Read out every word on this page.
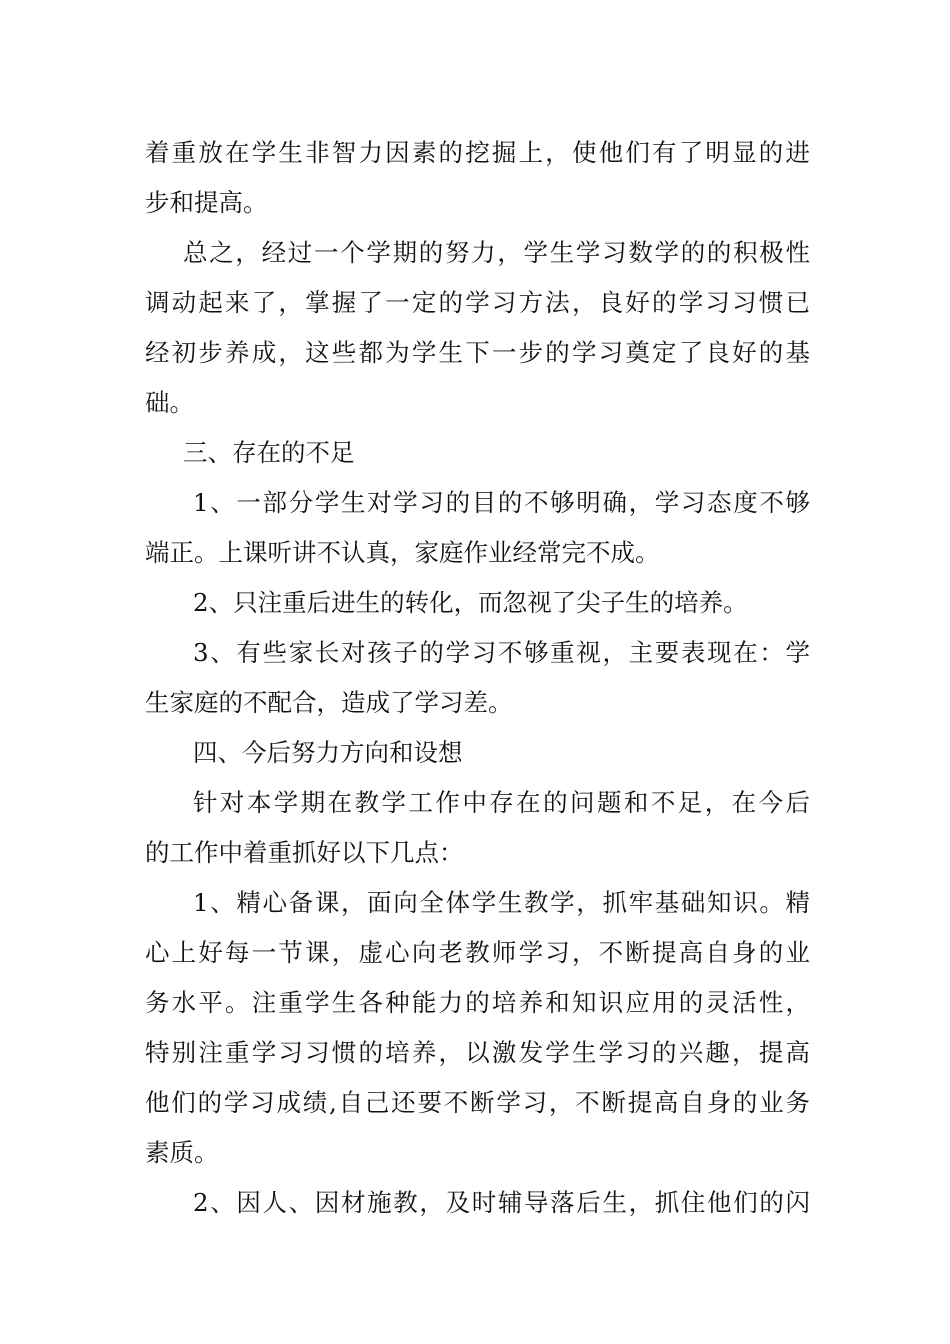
着重放在学生非智力因素的挖掘上，使他们有了明显的进
步和提高。
总之，经过一个学期的努力，学生学习数学的的积极性
调动起来了，掌握了一定的学习方法，良好的学习习惯已
经初步养成，这些都为学生下一步的学习奠定了良好的基
础。
三、存在的不足
1、一部分学生对学习的目的不够明确，学习态度不够
端正。上课听讲不认真，家庭作业经常完不成。
2、只注重后进生的转化，而忽视了尖子生的培养。
3、有些家长对孩子的学习不够重视，主要表现在：学
生家庭的不配合，造成了学习差。
四、今后努力方向和设想
针对本学期在教学工作中存在的问题和不足，在今后
的工作中着重抓好以下几点：
1、精心备课，面向全体学生教学，抓牢基础知识。精
心上好每一节课，虚心向老教师学习，不断提高自身的业
务水平。注重学生各种能力的培养和知识应用的灵活性，
特别注重学习习惯的培养，以激发学生学习的兴趣，提高
他们的学习成绩,自己还要不断学习，不断提高自身的业务
素质。
2、因人、因材施教，及时辅导落后生，抓住他们的闪
